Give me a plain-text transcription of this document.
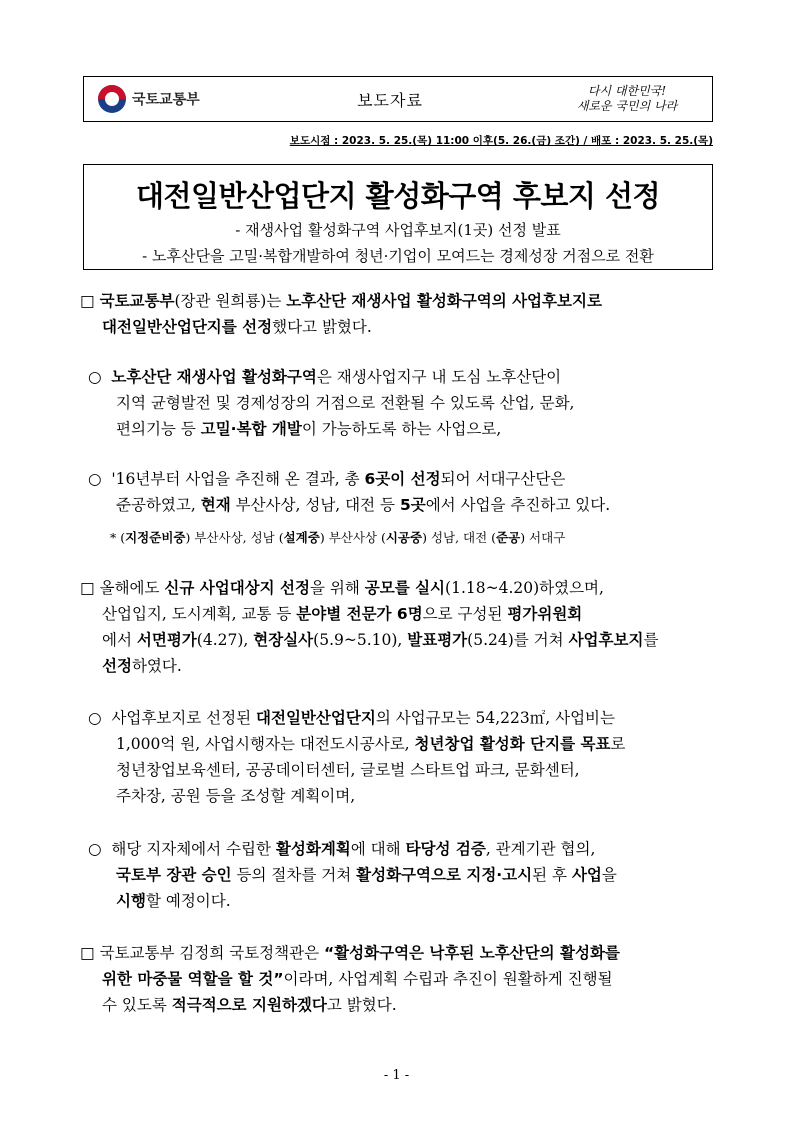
국토교통부	보도자료	다시 대한민국!
새로운 국민의 나라
보도시점 : 2023. 5. 25.(목) 11:00 이후(5. 26.(금) 조간) / 배포 : 2023. 5. 25.(목)
대전일반산업단지 활성화구역 후보지 선정
- 재생사업 활성화구역 사업후보지(1곳) 선정 발표
- 노후산단을 고밀·복합개발하여 청년·기업이 모여드는 경제성장 거점으로 전환
□ 국토교통부(장관 원희룡)는 노후산단 재생사업 활성화구역의 사업후보지로
대전일반산업단지를 선정했다고 밝혔다.
○ 노후산단 재생사업 활성화구역은 재생사업지구 내 도심 노후산단이
지역 균형발전 및 경제성장의 거점으로 전환될 수 있도록 산업, 문화,
편의기능 등 고밀·복합 개발이 가능하도록 하는 사업으로,
○ '16년부터 사업을 추진해 온 결과, 총 6곳이 선정되어 서대구산단은
준공하였고, 현재 부산사상, 성남, 대전 등 5곳에서 사업을 추진하고 있다.
* (지정준비중) 부산사상, 성남 (설계중) 부산사상 (시공중) 성남, 대전 (준공) 서대구
□ 올해에도 신규 사업대상지 선정을 위해 공모를 실시(1.18~4.20)하였으며,
산업입지, 도시계획, 교통 등 분야별 전문가 6명으로 구성된 평가위원회
에서 서면평가(4.27), 현장실사(5.9~5.10), 발표평가(5.24)를 거쳐 사업후보지를
선정하였다.
○ 사업후보지로 선정된 대전일반산업단지의 사업규모는 54,223㎡, 사업비는
1,000억 원, 사업시행자는 대전도시공사로, 청년창업 활성화 단지를 목표로
청년창업보육센터, 공공데이터센터, 글로벌 스타트업 파크, 문화센터,
주차장, 공원 등을 조성할 계획이며,
○ 해당 지자체에서 수립한 활성화계획에 대해 타당성 검증, 관계기관 협의,
국토부 장관 승인 등의 절차를 거쳐 활성화구역으로 지정·고시된 후 사업을
시행할 예정이다.
□ 국토교통부 김정희 국토정책관은 “활성화구역은 낙후된 노후산단의 활성화를
위한 마중물 역할을 할 것”이라며, 사업계획 수립과 추진이 원활하게 진행될
수 있도록 적극적으로 지원하겠다고 밝혔다.
- 1 -
